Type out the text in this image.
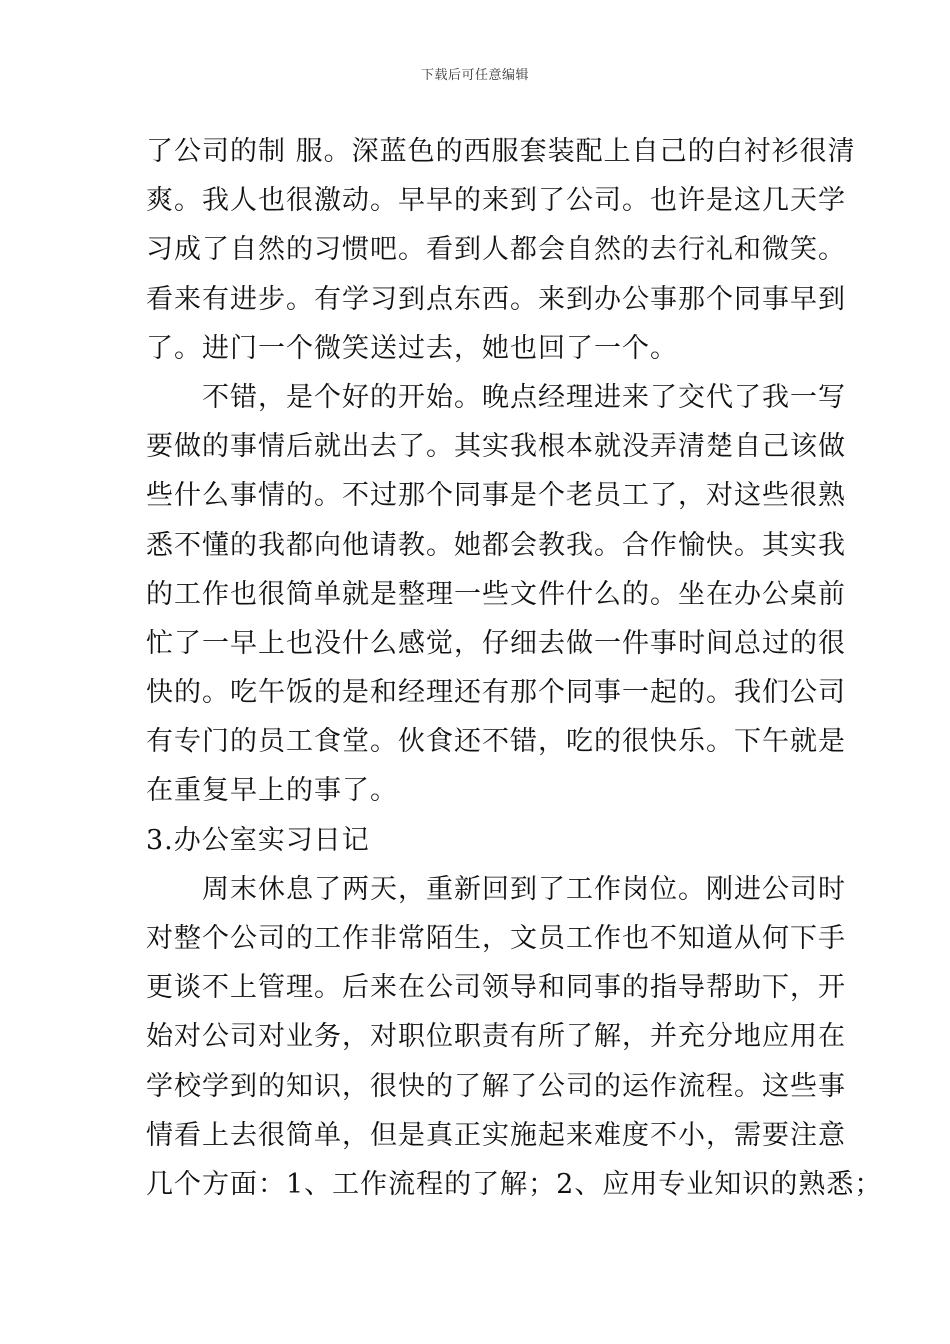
下载后可任意编辑
了公司的制 服。深蓝色的西服套装配上自己的白衬衫很清
爽。我人也很激动。早早的来到了公司。也许是这几天学
习成了自然的习惯吧。看到人都会自然的去行礼和微笑。
看来有进步。有学习到点东西。来到办公事那个同事早到
了。进门一个微笑送过去，她也回了一个。
不错，是个好的开始。晚点经理进来了交代了我一写
要做的事情后就出去了。其实我根本就没弄清楚自己该做
些什么事情的。不过那个同事是个老员工了，对这些很熟
悉不懂的我都向他请教。她都会教我。合作愉快。其实我
的工作也很简单就是整理一些文件什么的。坐在办公桌前
忙了一早上也没什么感觉，仔细去做一件事时间总过的很
快的。吃午饭的是和经理还有那个同事一起的。我们公司
有专门的员工食堂。伙食还不错，吃的很快乐。下午就是
在重复早上的事了。
3.办公室实习日记
周末休息了两天，重新回到了工作岗位。刚进公司时
对整个公司的工作非常陌生，文员工作也不知道从何下手
更谈不上管理。后来在公司领导和同事的指导帮助下，开
始对公司对业务，对职位职责有所了解，并充分地应用在
学校学到的知识，很快的了解了公司的运作流程。这些事
情看上去很简单，但是真正实施起来难度不小，需要注意
几个方面：1、工作流程的了解；2、应用专业知识的熟悉；
